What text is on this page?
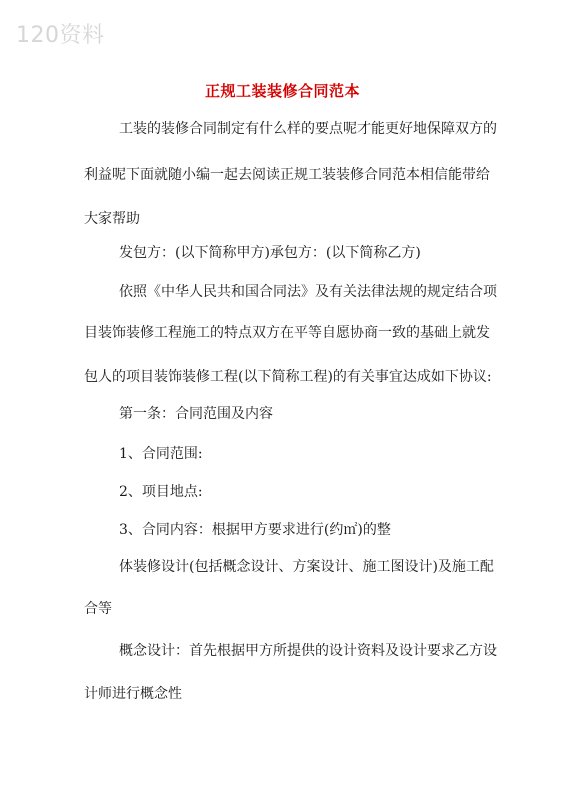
120资料
正规工装装修合同范本
工装的装修合同制定有什么样的要点呢才能更好地保障双方的
利益呢下面就随小编一起去阅读正规工装装修合同范本相信能带给
大家帮助
发包方：(以下简称甲方)承包方：(以下简称乙方)
依照《中华人民共和国合同法》及有关法律法规的规定结合项
目装饰装修工程施工的特点双方在平等自愿协商一致的基础上就发
包人的项目装饰装修工程(以下简称工程)的有关事宜达成如下协议:
第一条：合同范围及内容
1、合同范围:
2、项目地点:
3、合同内容：根据甲方要求进行(约㎡)的整
体装修设计(包括概念设计、方案设计、施工图设计)及施工配
合等
概念设计：首先根据甲方所提供的设计资料及设计要求乙方设
计师进行概念性
